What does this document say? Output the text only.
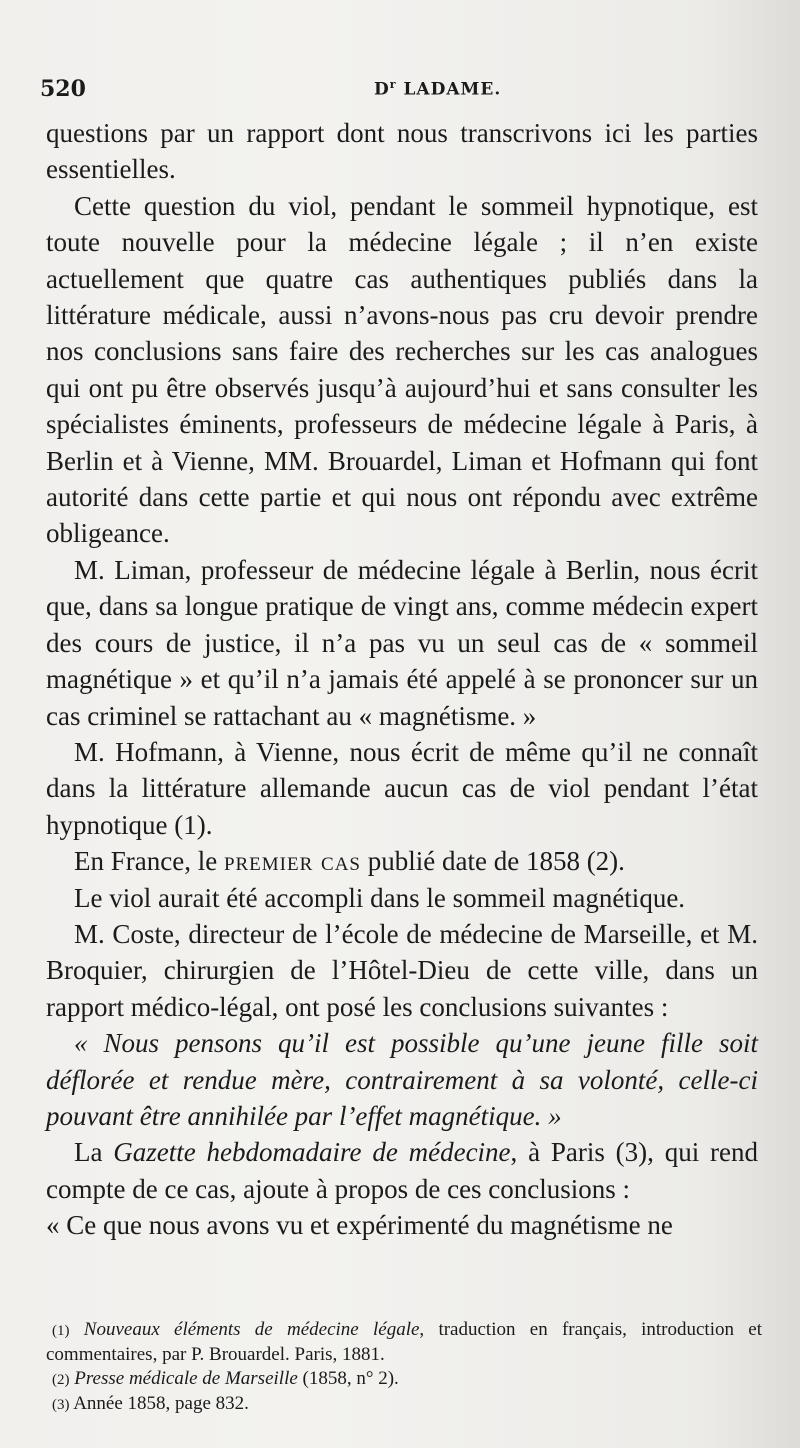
520	$D^r$ LADAME.

questions par un rapport dont nous transcrivons ici les parties essentielles.

Cette question du viol, pendant le sommeil hypnotique, est toute nouvelle pour la médecine légale ; il n’en existe actuellement que quatre cas authentiques publiés dans la littérature médicale, aussi n’avons-nous pas cru devoir prendre nos conclusions sans faire des recherches sur les cas analogues qui ont pu être observés jusqu’à aujourd’hui et sans consulter les spécialistes éminents, professeurs de médecine légale à Paris, à Berlin et à Vienne, MM. Brouardel, Liman et Hofmann qui font autorité dans cette partie et qui nous ont répondu avec extrême obligeance.

M. Liman, professeur de médecine légale à Berlin, nous écrit que, dans sa longue pratique de vingt ans, comme médecin expert des cours de justice, il n’a pas vu un seul cas de « sommeil magnétique » et qu’il n’a jamais été appelé à se prononcer sur un cas criminel se rattachant au « magnétisme. »

M. Hofmann, à Vienne, nous écrit de même qu’il ne connaît dans la littérature allemande aucun cas de viol pendant l’état hypnotique (1).

En France, le premier cas publié date de 1858 (2).

Le viol aurait été accompli dans le sommeil magnétique.

M. Coste, directeur de l’école de médecine de Marseille, et M. Broquier, chirurgien de l’Hôtel-Dieu de cette ville, dans un rapport médico-légal, ont posé les conclusions suivantes :

« Nous pensons qu’il est possible qu’une jeune fille soit déflorée et rendue mère, contrairement à sa volonté, celle-ci pouvant être annihilée par l’effet magnétique. »

La Gazette hebdomadaire de médecine, à Paris (3), qui rend compte de ce cas, ajoute à propos de ces conclusions :

« Ce que nous avons vu et expérimenté du magnétisme ne

(1) Nouveaux éléments de médecine légale, traduction en français, introduction et commentaires, par P. Brouardel. Paris, 1881.

(2) Presse médicale de Marseille (1858, n° 2).

(3) Année 1858, page 832.
